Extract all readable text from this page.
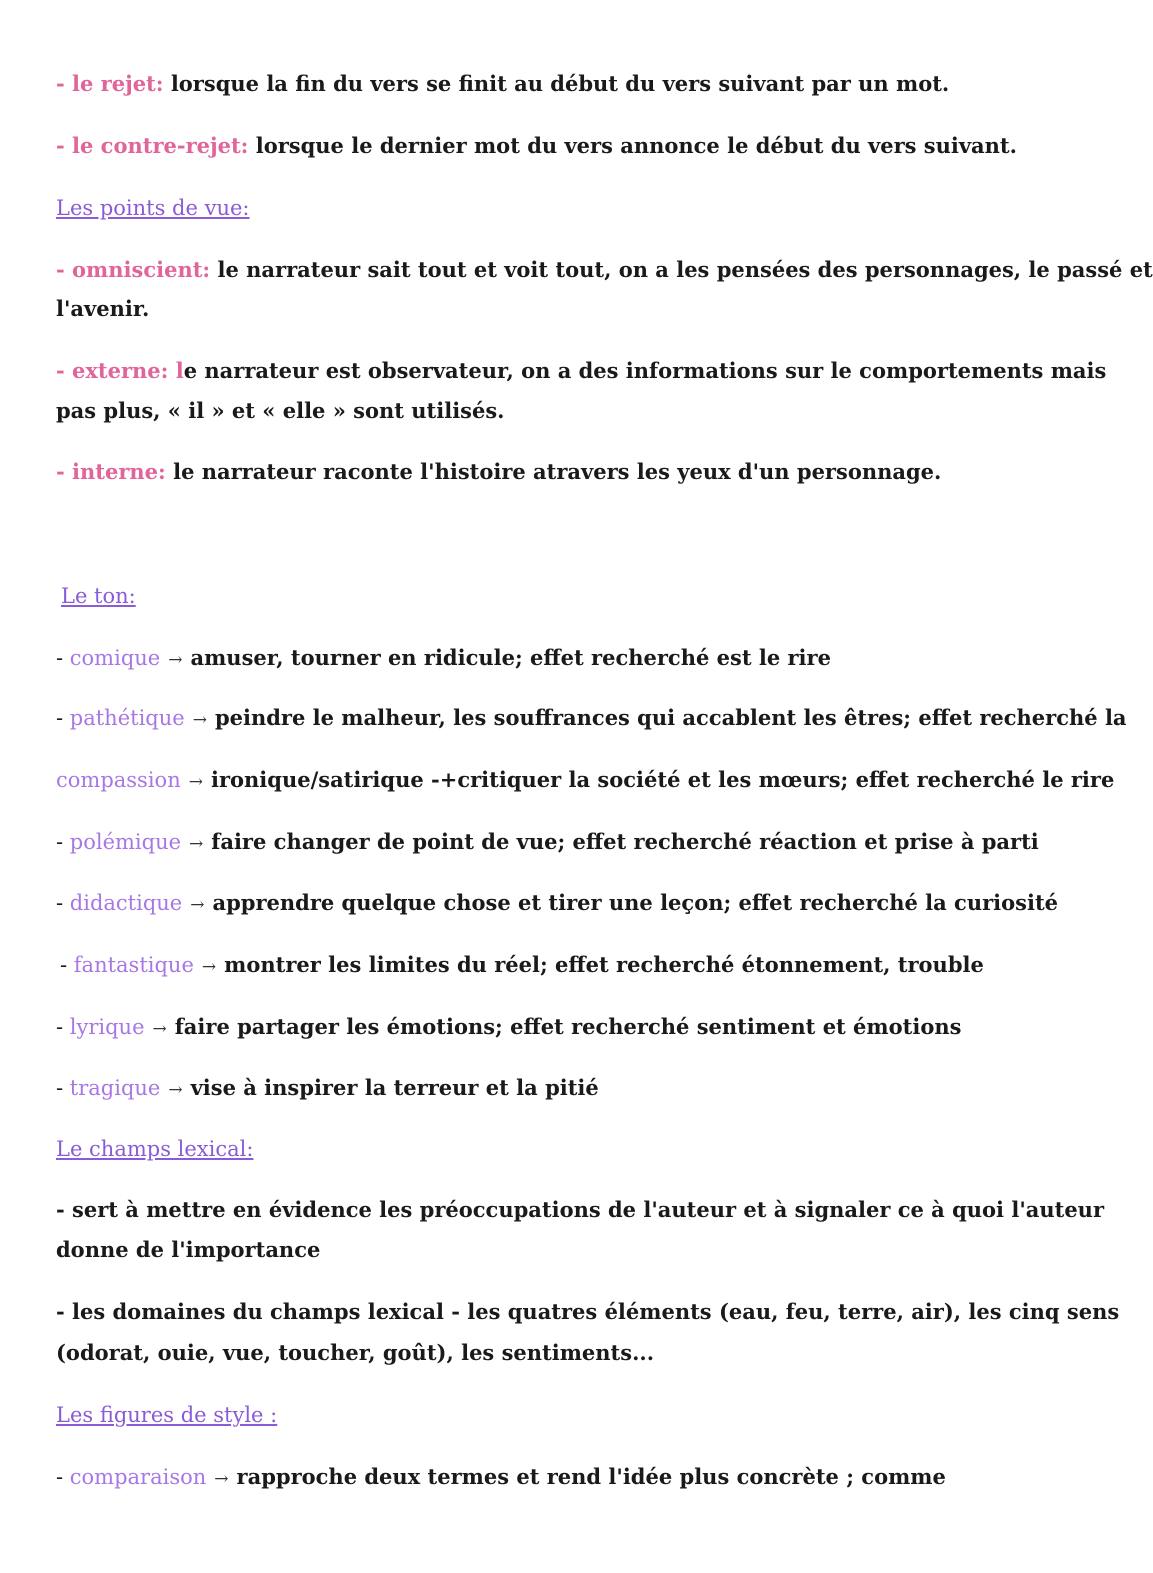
- le rejet: lorsque la fin du vers se finit au début du vers suivant par un mot.
- le contre-rejet: lorsque le dernier mot du vers annonce le début du vers suivant.
Les points de vue:
- omniscient: le narrateur sait tout et voit tout, on a les pensées des personnages, le passé et
l'avenir.
- externe: le narrateur est observateur, on a des informations sur le comportements mais
pas plus, « il » et « elle » sont utilisés.
- interne: le narrateur raconte l'histoire atravers les yeux d'un personnage.
Le ton:
- comique → amuser, tourner en ridicule; effet recherché est le rire
- pathétique → peindre le malheur, les souffrances qui accablent les êtres; effet recherché la
compassion → ironique/satirique -+critiquer la société et les mœurs; effet recherché le rire
- polémique → faire changer de point de vue; effet recherché réaction et prise à parti
- didactique → apprendre quelque chose et tirer une leçon; effet recherché la curiosité
- fantastique → montrer les limites du réel; effet recherché étonnement, trouble
- lyrique → faire partager les émotions; effet recherché sentiment et émotions
- tragique → vise à inspirer la terreur et la pitié
Le champs lexical:
- sert à mettre en évidence les préoccupations de l'auteur et à signaler ce à quoi l'auteur
donne de l'importance
- les domaines du champs lexical - les quatres éléments (eau, feu, terre, air), les cinq sens
(odorat, ouie, vue, toucher, goût), les sentiments...
Les figures de style :
- comparaison → rapproche deux termes et rend l'idée plus concrète ; comme
